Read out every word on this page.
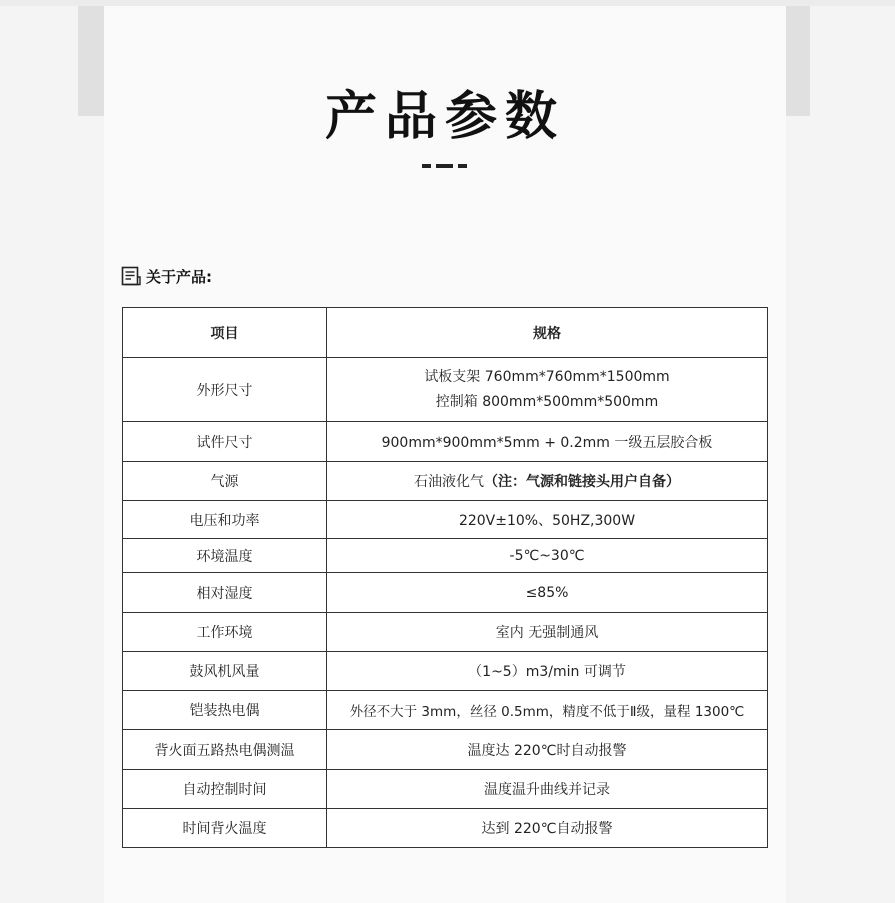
产品参数
关于产品:
项目	规格
外形尺寸	试板支架 760mm*760mm*1500mm
控制箱 800mm*500mm*500mm

试件尺寸	900mm*900mm*5mm + 0.2mm 一级五层胶合板
气源	石油液化气（注：气源和链接头用户自备）
电压和功率	220V±10%、50HZ,300W
环境温度	-5℃~30℃
相对湿度	≤85%
工作环境	室内 无强制通风
鼓风机风量	（1~5）m3/min 可调节
铠装热电偶	外径不大于 3mm，丝径 0.5mm，精度不低于Ⅱ级，量程 1300℃
背火面五路热电偶测温	温度达 220℃时自动报警
自动控制时间	温度温升曲线并记录
时间背火温度	达到 220℃自动报警
